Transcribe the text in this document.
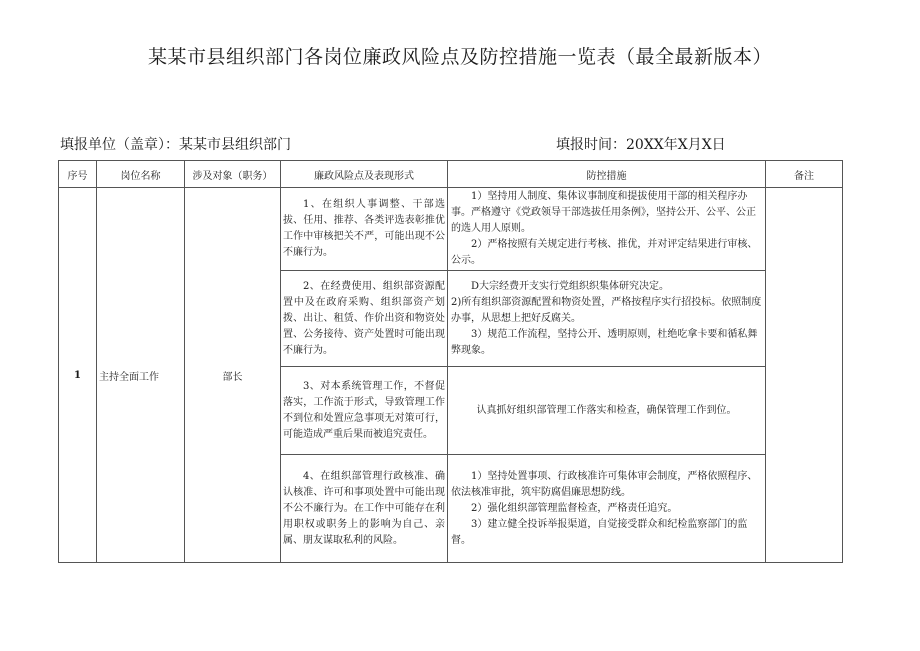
某某市县组织部门各岗位廉政风险点及防控措施一览表（最全最新版本）
填报单位（盖章）：某某市县组织部门	填报时间：20XX年X月X日
序号	岗位名称	涉及对象（职务）	廉政风险点及表现形式	防控措施	备注
1	主持全面工作	部长	1、在组织人事调整、干部选拔、任用、推荐、各类评选表彰推优工作中审核把关不严，可能出现不公不廉行为。	1）坚持用人制度、集体议事制度和提拔使用干部的相关程序办事。严格遵守《党政领导干部选拔任用条例》，坚持公开、公平、公正的选人用人原则。

2）严格按照有关规定进行考核、推优，并对评定结果进行审核、公示。	

			2、在经费使用、组织部资源配置中及在政府采购、组织部资产划拨、出让、租赁、作价出资和物资处置、公务接待、资产处置时可能出现不廉行为。	D大宗经费开支实行党组织织集体研究决定。

2)所有组织部资源配置和物资处置，严格按程序实行招投标。依照制度办事，从思想上把好反腐关。

3）规范工作流程，坚持公开、透明原则，杜绝吃拿卡要和循私舞弊现象。	

			3、对本系统管理工作，不督促落实，工作流于形式，导致管理工作不到位和处置应急事项无对策可行，可能造成严重后果而被追究责任。	认真抓好组织部管理工作落实和检查，确保管理工作到位。	

			4、在组织部管理行政核准、确认核准、许可和事项处置中可能出现不公不廉行为。在工作中可能存在利用职权或职务上的影响为自己、亲属、朋友谋取私利的风险。	1）坚持处置事项、行政核准许可集体审会制度，严格依照程序、依法核准审批，筑牢防腐倡廉思想防线。

2）强化组织部管理监督检查，严格责任追究。

3）建立健全投诉举报渠道，自觉接受群众和纪检监察部门的监督。	
